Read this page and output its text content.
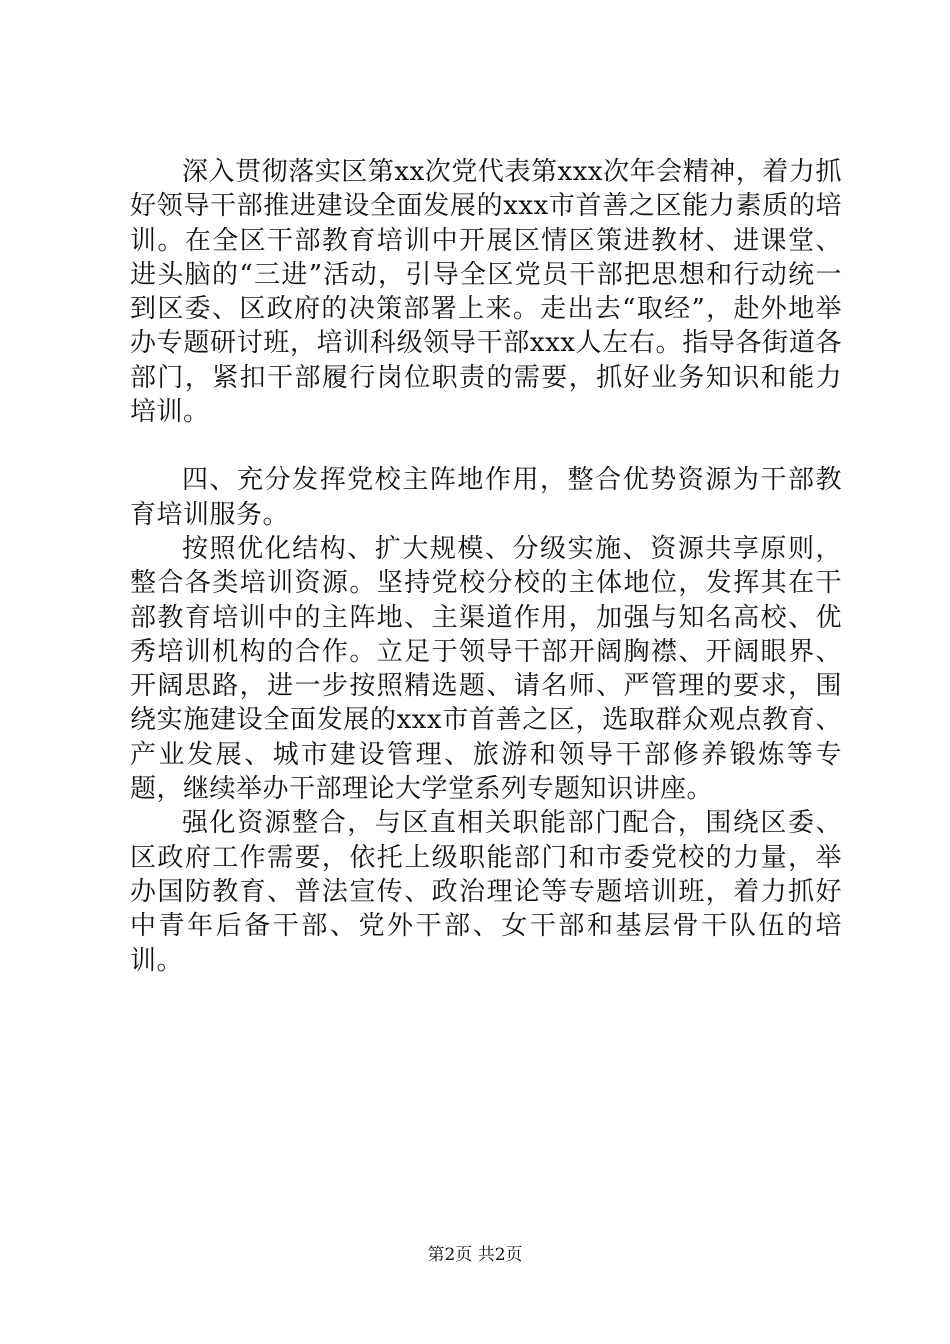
深入贯彻落实区第xx次党代表第xxx次年会精神，着力抓好领导干部推进建设全面发展的xxx市首善之区能力素质的培训。在全区干部教育培训中开展区情区策进教材、进课堂、进头脑的“三进”活动，引导全区党员干部把思想和行动统一到区委、区政府的决策部署上来。走出去“取经”，赴外地举办专题研讨班，培训科级领导干部xxx人左右。指导各街道各部门，紧扣干部履行岗位职责的需要，抓好业务知识和能力培训。

四、充分发挥党校主阵地作用，整合优势资源为干部教育培训服务。

按照优化结构、扩大规模、分级实施、资源共享原则，整合各类培训资源。坚持党校分校的主体地位，发挥其在干部教育培训中的主阵地、主渠道作用，加强与知名高校、优秀培训机构的合作。立足于领导干部开阔胸襟、开阔眼界、开阔思路，进一步按照精选题、请名师、严管理的要求，围绕实施建设全面发展的xxx市首善之区，选取群众观点教育、产业发展、城市建设管理、旅游和领导干部修养锻炼等专题，继续举办干部理论大学堂系列专题知识讲座。

强化资源整合，与区直相关职能部门配合，围绕区委、区政府工作需要，依托上级职能部门和市委党校的力量，举办国防教育、普法宣传、政治理论等专题培训班，着力抓好中青年后备干部、党外干部、女干部和基层骨干队伍的培训。

第2页 共2页
